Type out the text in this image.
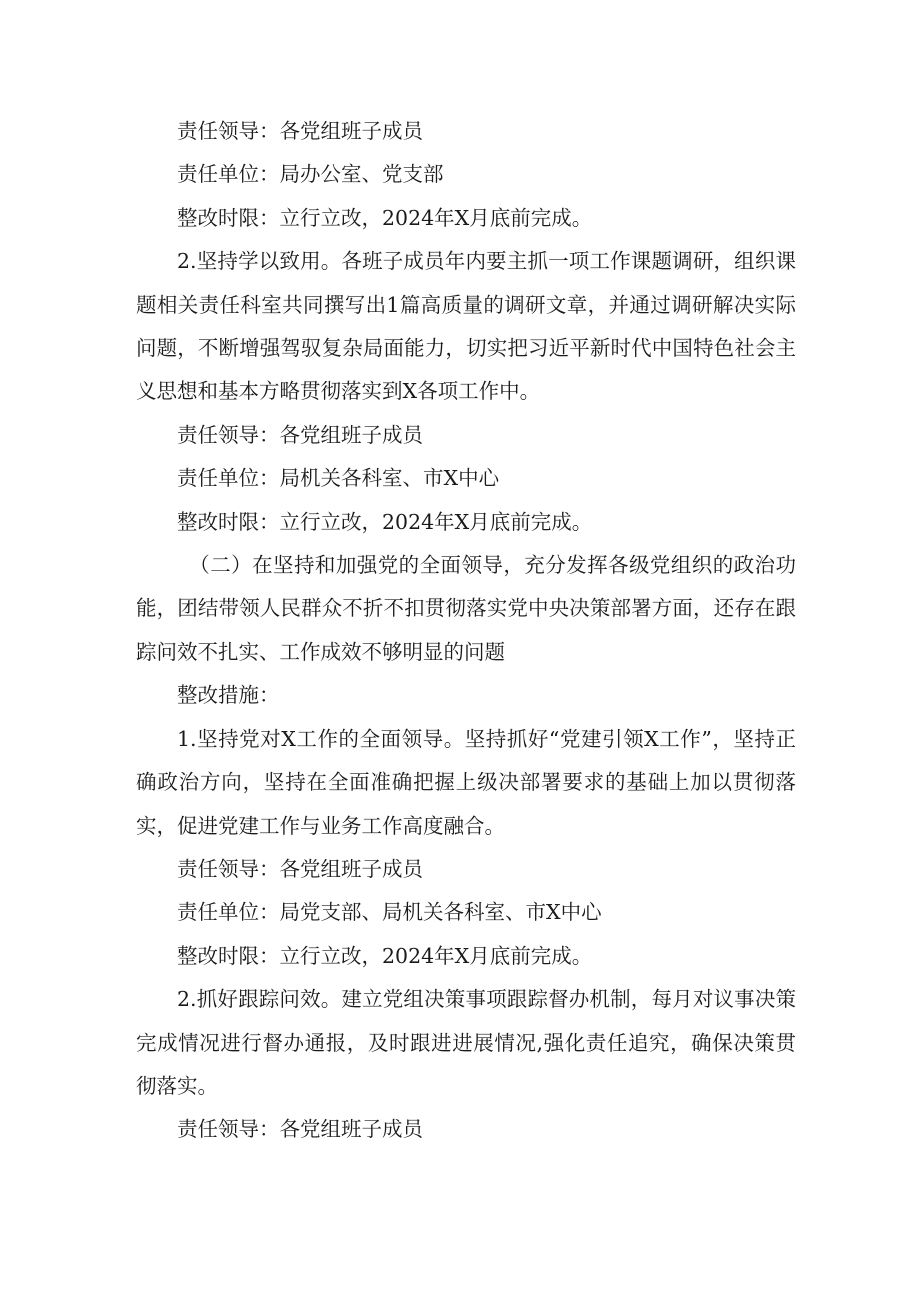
责任领导：各党组班子成员

责任单位：局办公室、党支部

整改时限：立行立改，2024年X月底前完成。

2.坚持学以致用。各班子成员年内要主抓一项工作课题调研，组织课题相关责任科室共同撰写出1篇高质量的调研文章，并通过调研解决实际问题，不断增强驾驭复杂局面能力，切实把习近平新时代中国特色社会主义思想和基本方略贯彻落实到X各项工作中。

责任领导：各党组班子成员

责任单位：局机关各科室、市X中心

整改时限：立行立改，2024年X月底前完成。

（二）在坚持和加强党的全面领导，充分发挥各级党组织的政治功能，团结带领人民群众不折不扣贯彻落实党中央决策部署方面，还存在跟踪问效不扎实、工作成效不够明显的问题

整改措施：

1.坚持党对X工作的全面领导。坚持抓好“党建引领X工作”，坚持正确政治方向，坚持在全面准确把握上级决部署要求的基础上加以贯彻落实，促进党建工作与业务工作高度融合。

责任领导：各党组班子成员

责任单位：局党支部、局机关各科室、市X中心

整改时限：立行立改，2024年X月底前完成。

2.抓好跟踪问效。建立党组决策事项跟踪督办机制，每月对议事决策完成情况进行督办通报，及时跟进进展情况,强化责任追究，确保决策贯彻落实。

责任领导：各党组班子成员
